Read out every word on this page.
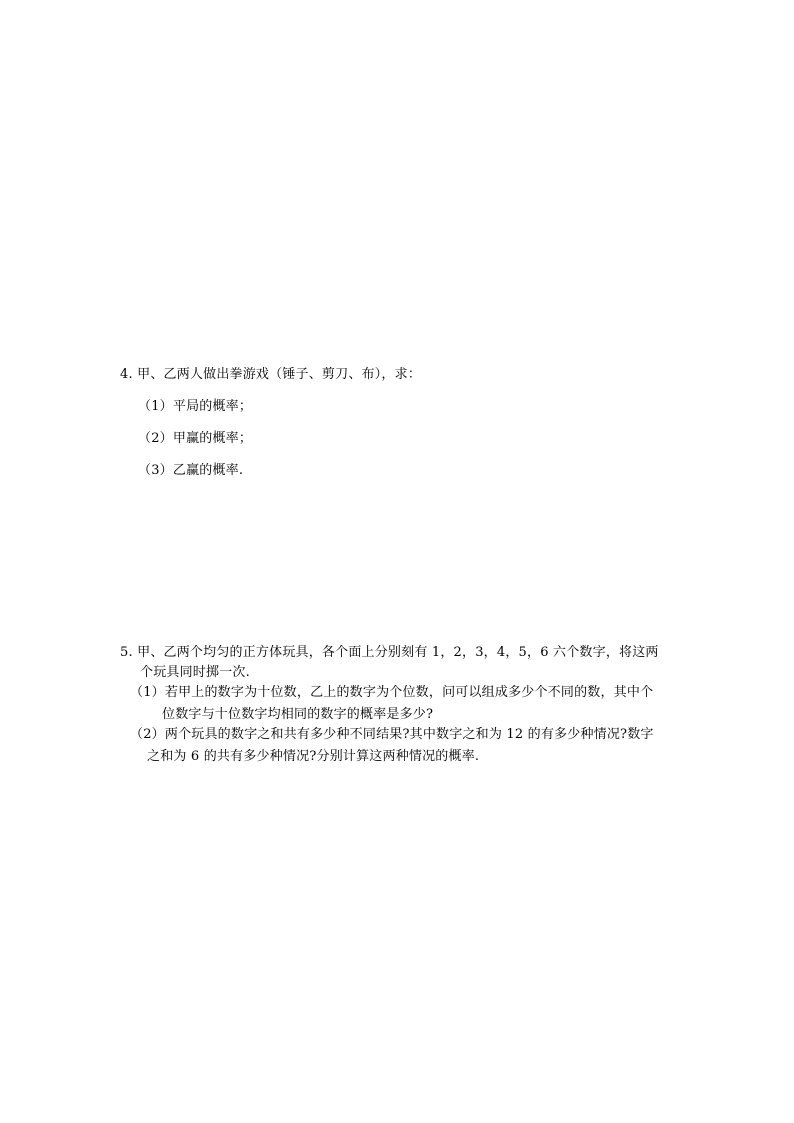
4. 甲、乙两人做出拳游戏（锤子、剪刀、布），求：
（1）平局的概率；
（2）甲赢的概率；
（3）乙赢的概率.
5. 甲、乙两个均匀的正方体玩具，各个面上分别刻有 1，2，3，4，5，6 六个数字，将这两
个玩具同时掷一次.
（1）若甲上的数字为十位数，乙上的数字为个位数，问可以组成多少个不同的数，其中个
位数字与十位数字均相同的数字的概率是多少?
（2）两个玩具的数字之和共有多少种不同结果?其中数字之和为 12 的有多少种情况?数字
之和为 6 的共有多少种情况?分别计算这两种情况的概率.
